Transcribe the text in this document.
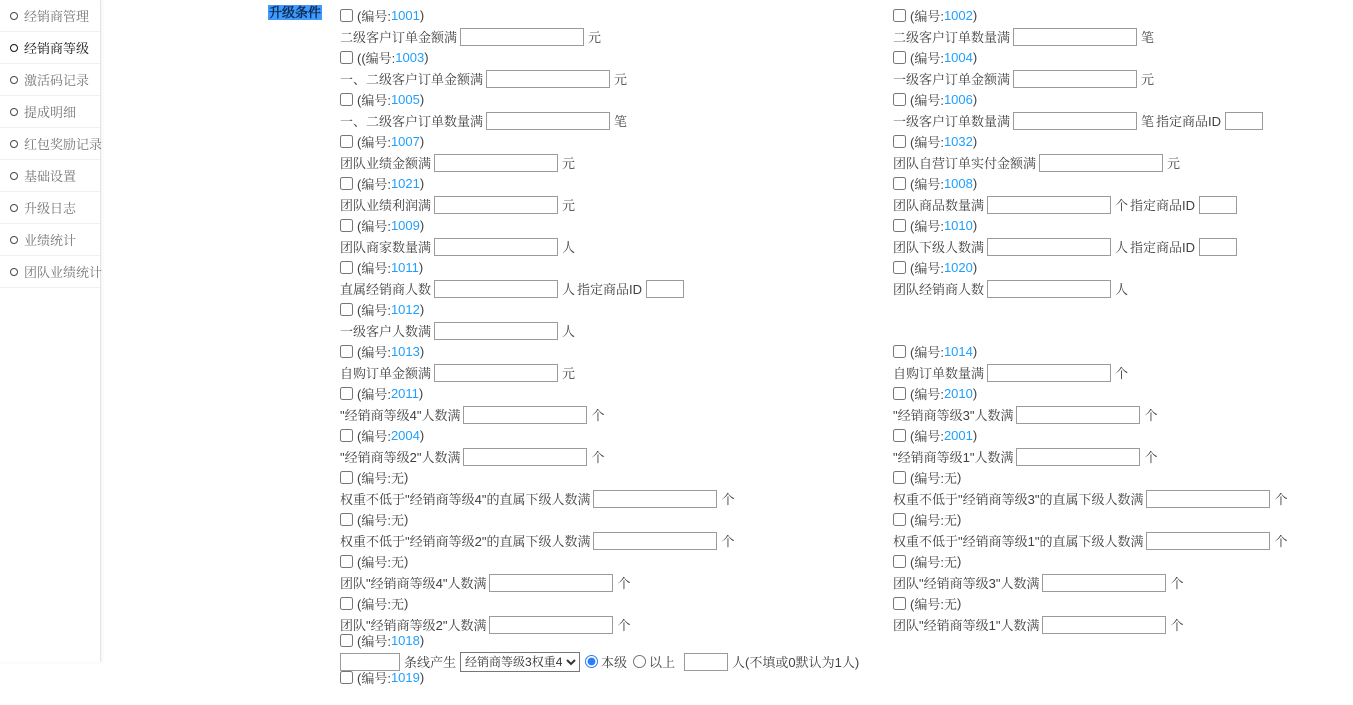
经销商管理
经销商等级
激活码记录
提成明细
红包奖励记录
基础设置
升级日志
业绩统计
团队业绩统计
升级条件	(编号: 1001 )
二级客户订单金额满	元
(编号: 1002 )
二级客户订单数量满	笔
((编号: 1003 )
一、二级客户订单金额满	元
(编号: 1004 )
一级客户订单金额满	元
(编号: 1005 )
一、二级客户订单数量满	笔
(编号: 1006 )
一级客户订单数量满	笔 指定商品ID
(编号: 1007 )
团队业绩金额满	元
(编号: 1032 )
团队自营订单实付金额满	元
(编号: 1021 )
团队业绩利润满	元
(编号: 1008 )
团队商品数量满	个 指定商品ID
(编号: 1009 )
团队商家数量满	人
(编号: 1010 )
团队下级人数满	人 指定商品ID
(编号: 1011 )
直属经销商人数	人 指定商品ID
(编号: 1020 )
团队经销商人数	人
(编号: 1012 )
一级客户人数满	人
(编号: 1013 )
自购订单金额满	元
(编号: 1014 )
自购订单数量满	个
(编号: 2011 )
"经销商等级4"人数满	个
(编号: 2010 )
"经销商等级3"人数满	个
(编号: 2004 )
"经销商等级2"人数满	个
(编号: 2001 )
"经销商等级1"人数满	个
(编号: 无 )
权重不低于"经销商等级4"的直属下级人数满	个
(编号: 无 )
权重不低于"经销商等级3"的直属下级人数满	个
(编号: 无 )
权重不低于"经销商等级2"的直属下级人数满	个
(编号: 无 )
权重不低于"经销商等级1"的直属下级人数满	个
(编号: 无 )
团队"经销商等级4"人数满	个
(编号: 无 )
团队"经销商等级3"人数满	个
(编号: 无 )
团队"经销商等级2"人数满	个
(编号: 无 )
团队"经销商等级1"人数满	个
(编号: 1018 )
条线产生
经销商等级3权重4	本级 以上	人(不填或0默认为1人)
(编号: 1019 )
